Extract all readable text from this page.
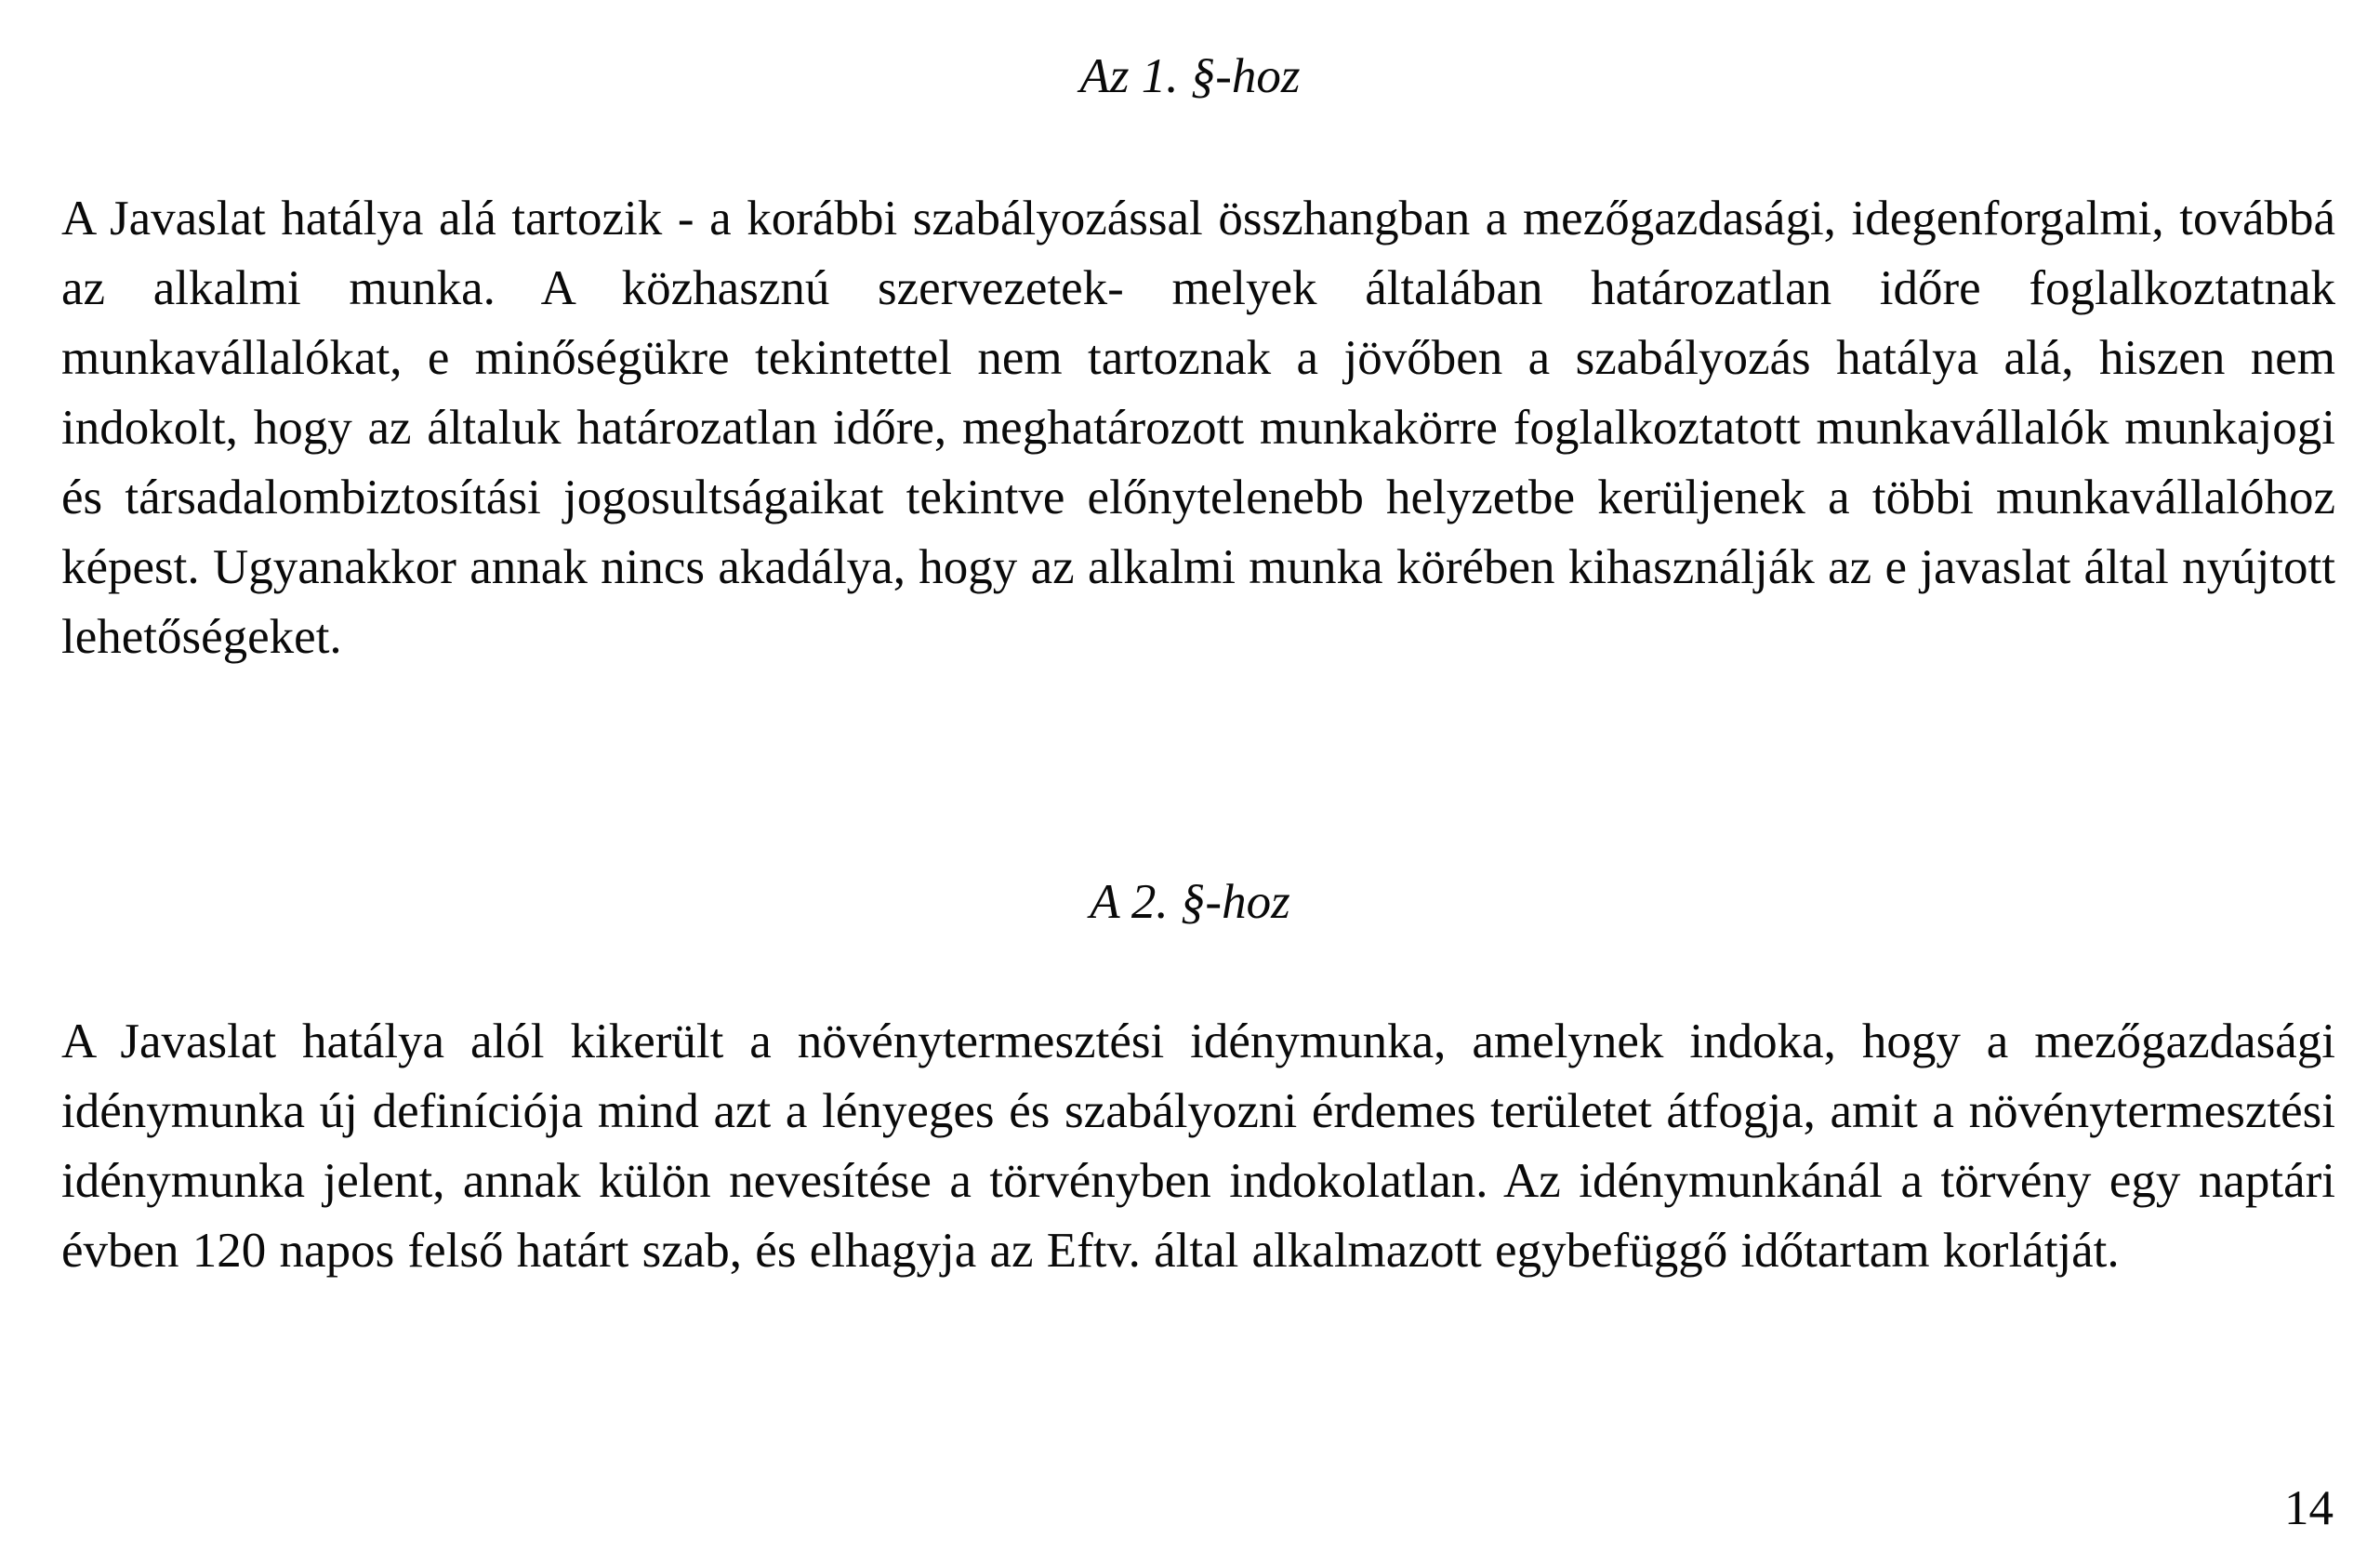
Az 1. §-hoz

A Javaslat hatálya alá tartozik - a korábbi szabályozással összhangban a mezőgazdasági, idegenforgalmi, továbbá az alkalmi munka. A közhasznú szervezetek- melyek általában határozatlan időre foglalkoztatnak munkavállalókat, e minőségükre tekintettel nem tartoznak a jövőben a szabályozás hatálya alá, hiszen nem indokolt, hogy az általuk határozatlan időre, meghatározott munkakörre foglalkoztatott munkavállalók munkajogi és társadalombiztosítási jogosultságaikat tekintve előnytelenebb helyzetbe kerüljenek a többi munkavállalóhoz képest. Ugyanakkor annak nincs akadálya, hogy az alkalmi munka körében kihasználják az e javaslat által nyújtott lehetőségeket.

A 2. §-hoz

A Javaslat hatálya alól kikerült a növénytermesztési idénymunka, amelynek indoka, hogy a mezőgazdasági idénymunka új definíciója mind azt a lényeges és szabályozni érdemes területet átfogja, amit a növénytermesztési idénymunka jelent, annak külön nevesítése a törvényben indokolatlan. Az idénymunkánál a törvény egy naptári évben 120 napos felső határt szab, és elhagyja az Eftv. által alkalmazott egybefüggő időtartam korlátját.

14
